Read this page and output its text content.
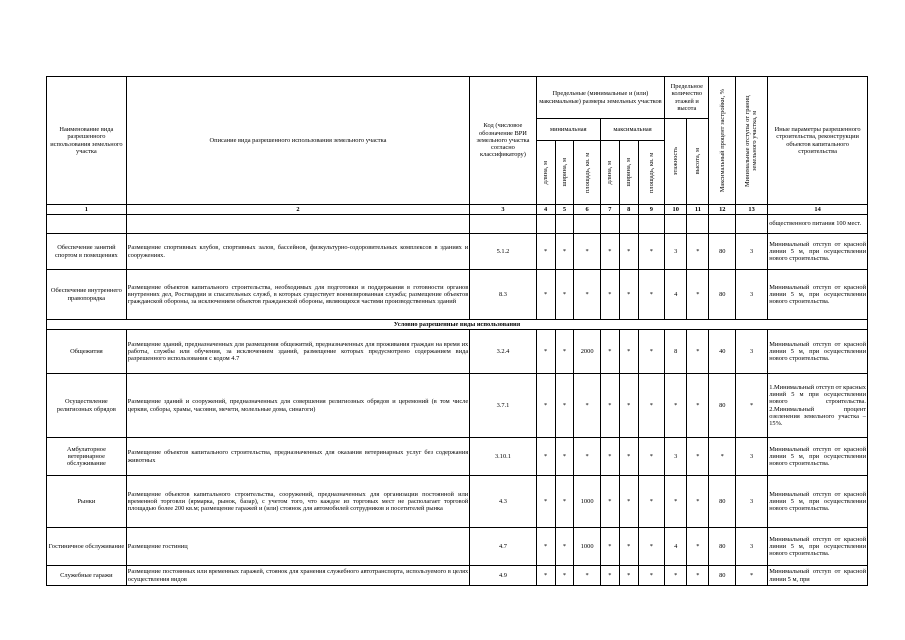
Наименование вида разрешенного использования земельного участка	Описание вида разрешенного использования земельного участка	Код (числовое обозначение ВРИ земельного участка согласно классификатору)	Предельные (минимальные и (или) максимальные) размеры земельных участков						Предельное количество этажей и высота		Максимальный процент застройки, %	Минимальные отступы от границ земельного участка, м	Иные параметры разрешенного строительства, реконструкции объектов капитального строительства
			минимальная			максимальная			этажность	высота, м			

			длина, м	ширина, м	площадь, кв. м	длина, м	ширина, м	площадь, кв. м					

1	2	3	4	5	6	7	8	9	10	11	12	13	14
													общественного питания 100 мест.
Обеспечение занятий спортом в помещениях	Размещение спортивных клубов, спортивных залов, бассейнов, физкультурно-оздоровительных комплексов в зданиях и сооружениях.	5.1.2	*	*	*	*	*	*	3	*	80	3	Минимальный отступ от красной линии 5 м, при осуществлении нового строительства.
Обеспечение внутреннего правопорядка	Размещение объектов капитального строительства, необходимых для подготовки и поддержания в готовности органов внутренних дел, Росгвардии и спасательных служб, в которых существует военизированная служба; размещение объектов гражданской обороны, за исключением объектов гражданской обороны, являющихся частями производственных зданий	8.3	*	*	*	*	*	*	4	*	80	3	Минимальный отступ от красной линии 5 м, при осуществлении нового строительства.
Условно разрешенные виды использования													
Общежития	Размещение зданий, предназначенных для размещения общежитий, предназначенных для проживания граждан на время их работы, службы или обучения, за исключением зданий, размещение которых предусмотрено содержанием вида разрешенного использования с кодом 4.7	3.2.4	*	*	2000	*	*	*	8	*	40	3	Минимальный отступ от красной линии 5 м, при осуществлении нового строительства.
Осуществление религиозных обрядов	Размещение зданий и сооружений, предназначенных для совершения религиозных обрядов и церемоний (в том числе церкви, соборы, храмы, часовни, мечети, молельные дома, синагоги)	3.7.1	*	*	*	*	*	*	*	*	80	*	1.Минимальный отступ от красных линий 5 м при осуществлении нового строительства. 2.Минимальный процент озеленения земельного участка – 15%.
Амбулаторное ветеринарное обслуживание	Размещение объектов капитального строительства, предназначенных для оказания ветеринарных услуг без содержания животных	3.10.1	*	*	*	*	*	*	3	*	*	3	Минимальный отступ от красной линии 5 м, при осуществлении нового строительства.
Рынки	Размещение объектов капитального строительства, сооружений, предназначенных для организации постоянной или временной торговли (ярмарка, рынок, базар), с учетом того, что каждое из торговых мест не располагает торговой площадью более 200 кв.м; размещение гаражей и (или) стоянок для автомобилей сотрудников и посетителей рынка	4.3	*	*	1000	*	*	*	*	*	80	3	Минимальный отступ от красной линии 5 м, при осуществлении нового строительства.
Гостиничное обслуживание	Размещение гостиниц	4.7	*	*	1000	*	*	*	4	*	80	3	Минимальный отступ от красной линии 5 м, при осуществлении нового строительства.
Служебные гаражи	Размещение постоянных или временных гаражей, стоянок для хранения служебного автотранспорта, используемого в целях осуществления видов	4.9	*	*	*	*	*	*	*	*	80	*	Минимальный отступ от красной линии 5 м, при
